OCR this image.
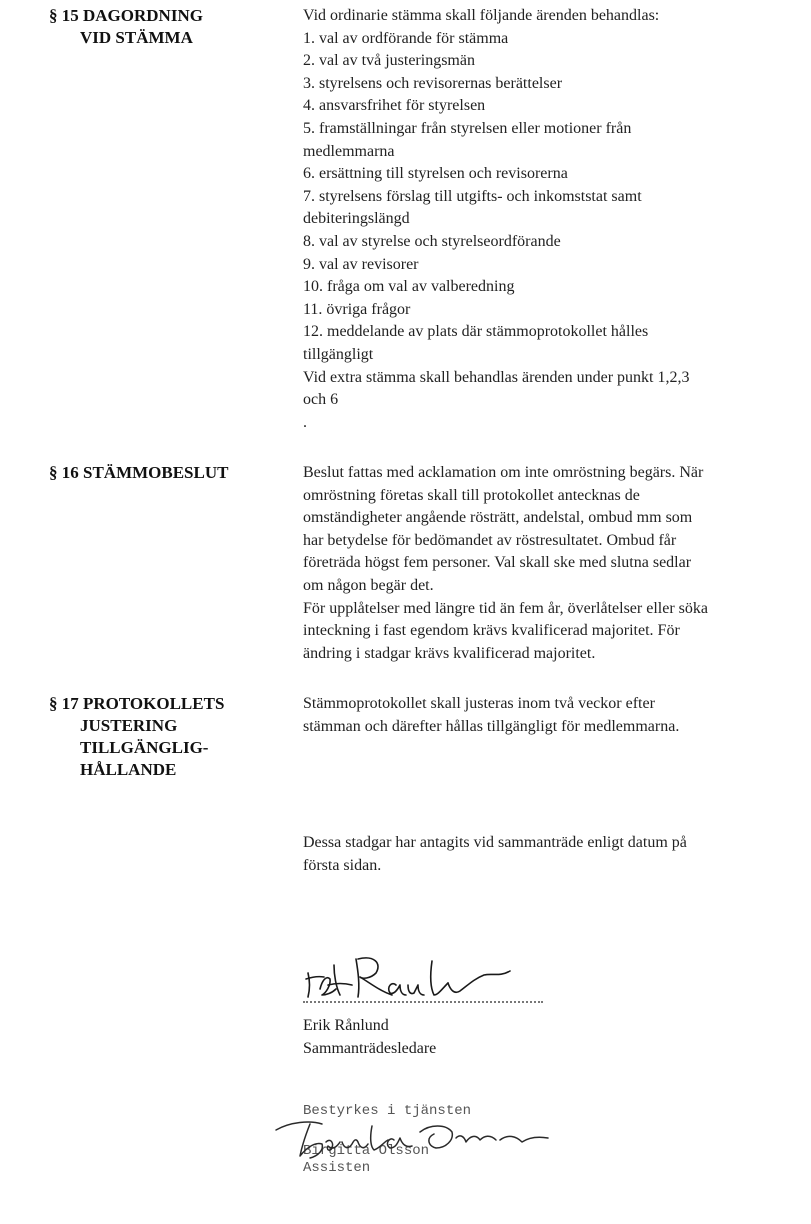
§ 15 DAGORDNING
VID STÄMMA
Vid ordinarie stämma skall följande ärenden behandlas:
1. val av ordförande för stämma
2. val av två justeringsmän
3. styrelsens och revisorernas berättelser
4. ansvarsfrihet för styrelsen
5. framställningar från styrelsen eller motioner från
medlemmarna
6. ersättning till styrelsen och revisorerna
7. styrelsens förslag till utgifts- och inkomststat samt
debiteringslängd
8. val av styrelse och styrelseordförande
9. val av revisorer
10. fråga om val av valberedning
11. övriga frågor
12. meddelande av plats där stämmoprotokollet hålles
tillgängligt
Vid extra stämma skall behandlas ärenden under punkt 1,2,3
och 6
.
§ 16 STÄMMOBESLUT	Beslut fattas med acklamation om inte omröstning begärs. När
omröstning företas skall till protokollet antecknas de
omständigheter angående rösträtt, andelstal, ombud mm som
har betydelse för bedömandet av röstresultatet. Ombud får
företräda högst fem personer. Val skall ske med slutna sedlar
om någon begär det.
För upplåtelser med längre tid än fem år, överlåtelser eller söka
inteckning i fast egendom krävs kvalificerad majoritet. För
ändring i stadgar krävs kvalificerad majoritet.
§ 17 PROTOKOLLETS
JUSTERING
TILLGÄNGLIG-
HÅLLANDE
Stämmoprotokollet skall justeras inom två veckor efter
stämman och därefter hållas tillgängligt för medlemmarna.
Dessa stadgar har antagits vid sammanträde enligt datum på
första sidan.
Erik Rånlund
Sammanträdesledare
Bestyrkes i tjänsten
Birgitta Olsson
Assisten
